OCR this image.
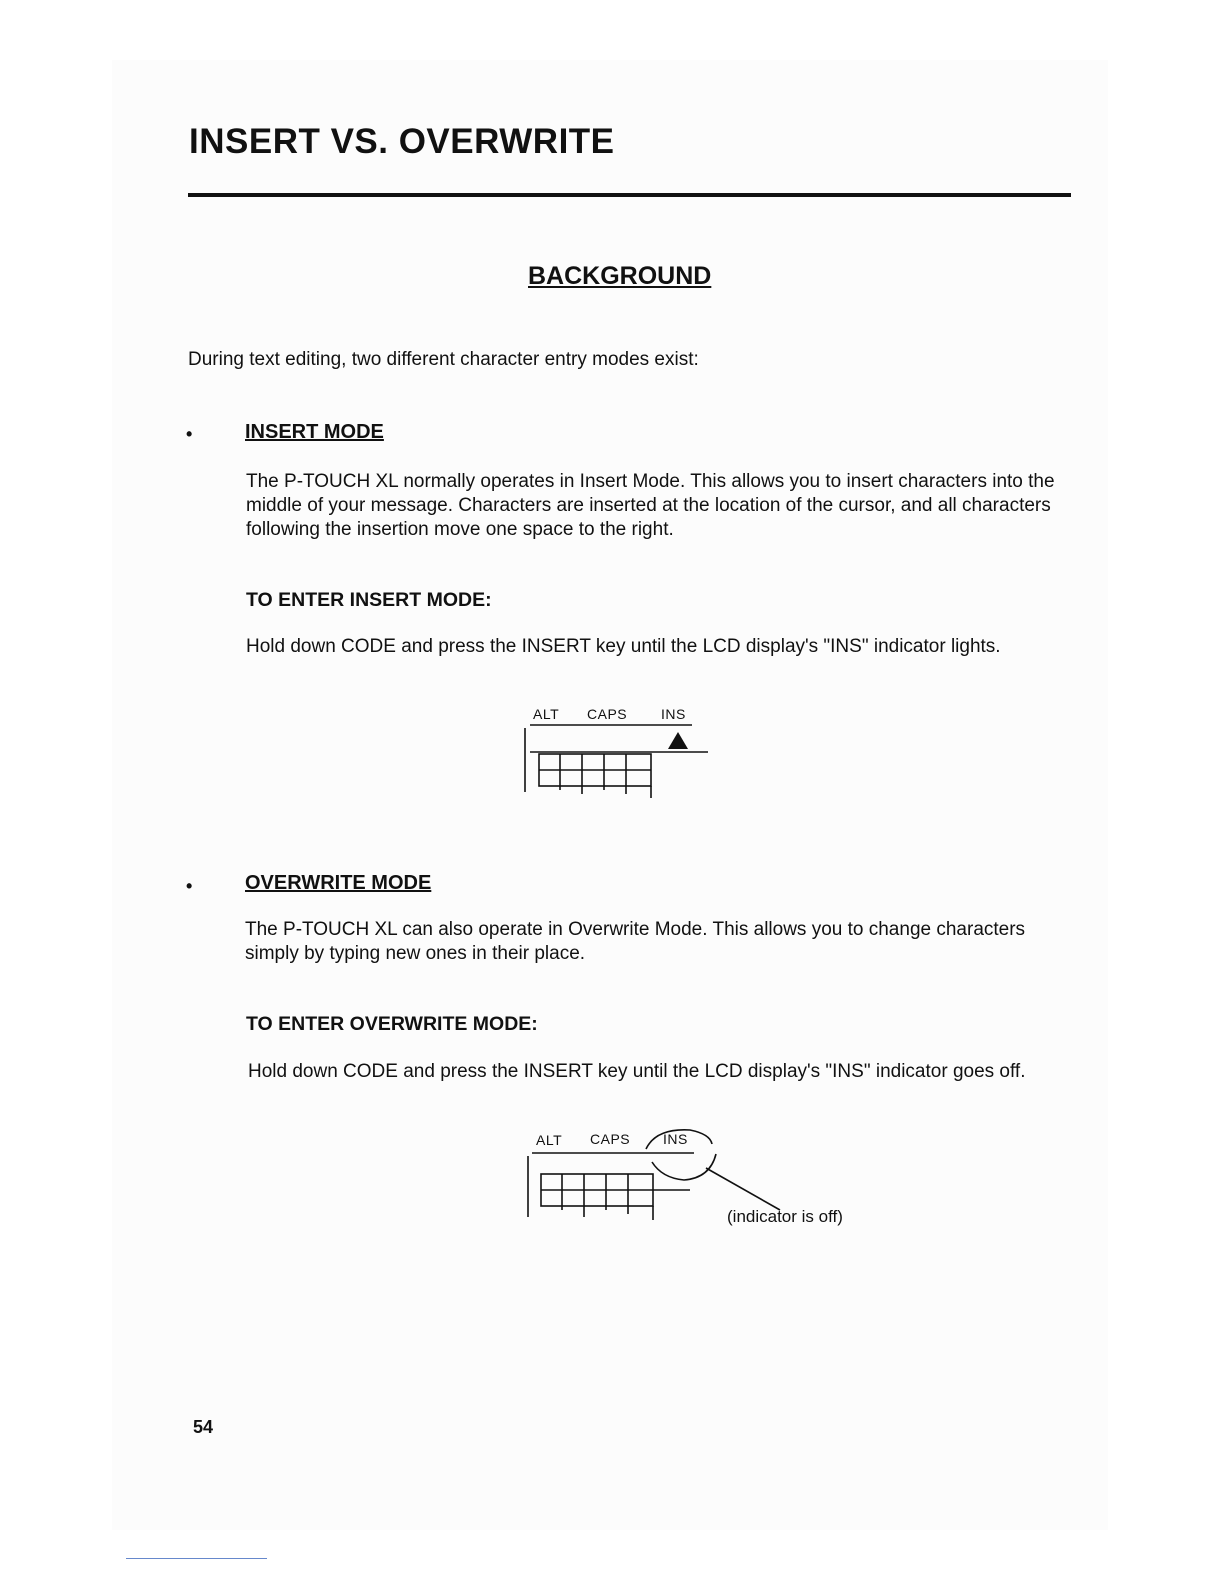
INSERT VS. OVERWRITE
BACKGROUND

During text editing, two different character entry modes exist:

•	INSERT MODE

The P-TOUCH XL normally operates in Insert Mode. This allows you to insert characters into the middle of your message. Characters are inserted at the location of the cursor, and all characters following the insertion move one space to the right.

TO ENTER INSERT MODE:

Hold down CODE and press the INSERT key until the LCD display's "INS" indicator lights.

ALT CAPS INS
•	OVERWRITE MODE

The P-TOUCH XL can also operate in Overwrite Mode. This allows you to change characters simply by typing new ones in their place.

TO ENTER OVERWRITE MODE:

Hold down CODE and press the INSERT key until the LCD display's "INS" indicator goes off.

ALT CAPS INS
(indicator is off)
54
